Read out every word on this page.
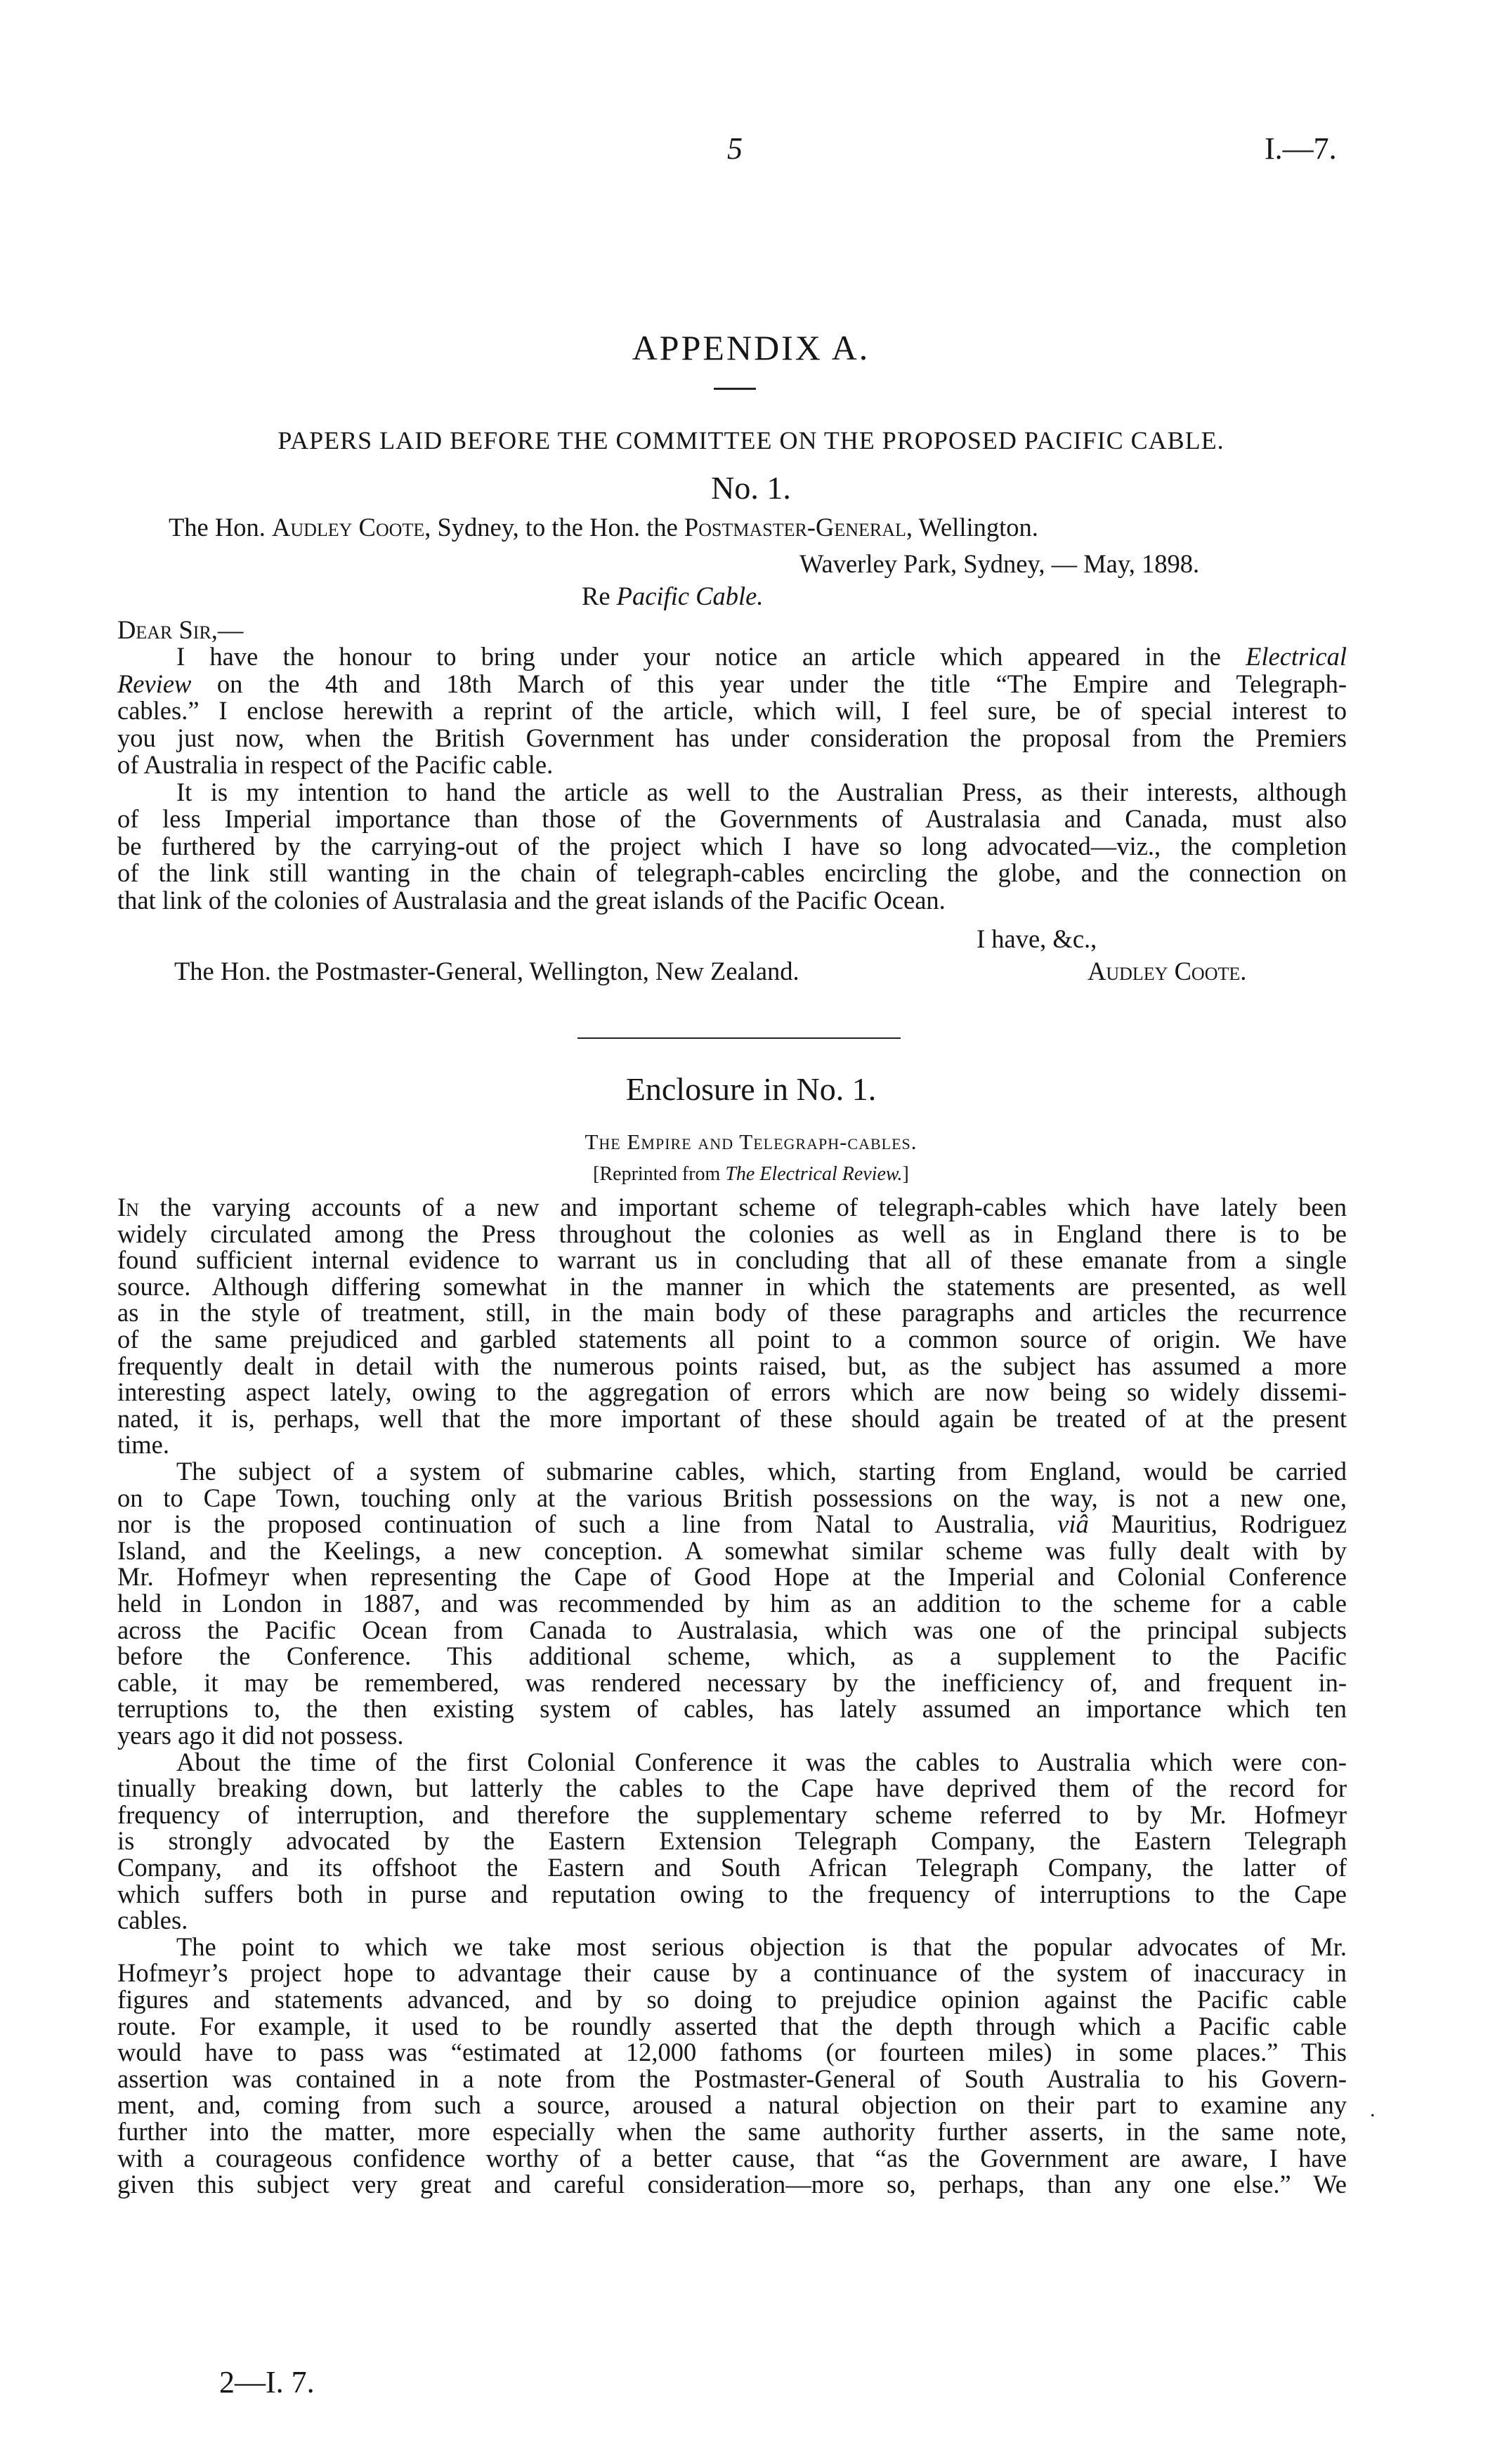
5	I.—7.
APPENDIX A.
PAPERS LAID BEFORE THE COMMITTEE ON THE PROPOSED PACIFIC CABLE.
No. 1.
The Hon. Audley Coote, Sydney, to the Hon. the Postmaster-General, Wellington.
Waverley Park, Sydney, — May, 1898.
Re Pacific Cable.
Dear Sir,—
I have the honour to bring under your notice an article which appeared in the Electrical
Review on the 4th and 18th March of this year under the title “The Empire and Telegraph-
cables.” I enclose herewith a reprint of the article, which will, I feel sure, be of special interest to
you just now, when the British Government has under consideration the proposal from the Premiers
of Australia in respect of the Pacific cable.
It is my intention to hand the article as well to the Australian Press, as their interests, although
of less Imperial importance than those of the Governments of Australasia and Canada, must also
be furthered by the carrying-out of the project which I have so long advocated—viz., the completion
of the link still wanting in the chain of telegraph-cables encircling the globe, and the connection on
that link of the colonies of Australasia and the great islands of the Pacific Ocean.
I have, &c.,
The Hon. the Postmaster-General, Wellington, New Zealand.	Audley Coote.
Enclosure in No. 1.
The Empire and Telegraph-cables.
[Reprinted from The Electrical Review.]
In the varying accounts of a new and important scheme of telegraph-cables which have lately been
widely circulated among the Press throughout the colonies as well as in England there is to be
found sufficient internal evidence to warrant us in concluding that all of these emanate from a single
source. Although differing somewhat in the manner in which the statements are presented, as well
as in the style of treatment, still, in the main body of these paragraphs and articles the recurrence
of the same prejudiced and garbled statements all point to a common source of origin. We have
frequently dealt in detail with the numerous points raised, but, as the subject has assumed a more
interesting aspect lately, owing to the aggregation of errors which are now being so widely dissemi-
nated, it is, perhaps, well that the more important of these should again be treated of at the present
time.
The subject of a system of submarine cables, which, starting from England, would be carried
on to Cape Town, touching only at the various British possessions on the way, is not a new one,
nor is the proposed continuation of such a line from Natal to Australia, viâ Mauritius, Rodriguez
Island, and the Keelings, a new conception. A somewhat similar scheme was fully dealt with by
Mr. Hofmeyr when representing the Cape of Good Hope at the Imperial and Colonial Conference
held in London in 1887, and was recommended by him as an addition to the scheme for a cable
across the Pacific Ocean from Canada to Australasia, which was one of the principal subjects
before the Conference. This additional scheme, which, as a supplement to the Pacific
cable, it may be remembered, was rendered necessary by the inefficiency of, and frequent in-
terruptions to, the then existing system of cables, has lately assumed an importance which ten
years ago it did not possess.
About the time of the first Colonial Conference it was the cables to Australia which were con-
tinually breaking down, but latterly the cables to the Cape have deprived them of the record for
frequency of interruption, and therefore the supplementary scheme referred to by Mr. Hofmeyr
is strongly advocated by the Eastern Extension Telegraph Company, the Eastern Telegraph
Company, and its offshoot the Eastern and South African Telegraph Company, the latter of
which suffers both in purse and reputation owing to the frequency of interruptions to the Cape
cables.
The point to which we take most serious objection is that the popular advocates of Mr.
Hofmeyr’s project hope to advantage their cause by a continuance of the system of inaccuracy in
figures and statements advanced, and by so doing to prejudice opinion against the Pacific cable
route. For example, it used to be roundly asserted that the depth through which a Pacific cable
would have to pass was “estimated at 12,000 fathoms (or fourteen miles) in some places.” This
assertion was contained in a note from the Postmaster-General of South Australia to his Govern-
ment, and, coming from such a source, aroused a natural objection on their part to examine any
further into the matter, more especially when the same authority further asserts, in the same note,
with a courageous confidence worthy of a better cause, that “as the Government are aware, I have
given this subject very great and careful consideration—more so, perhaps, than any one else.” We
2—I. 7.
.
